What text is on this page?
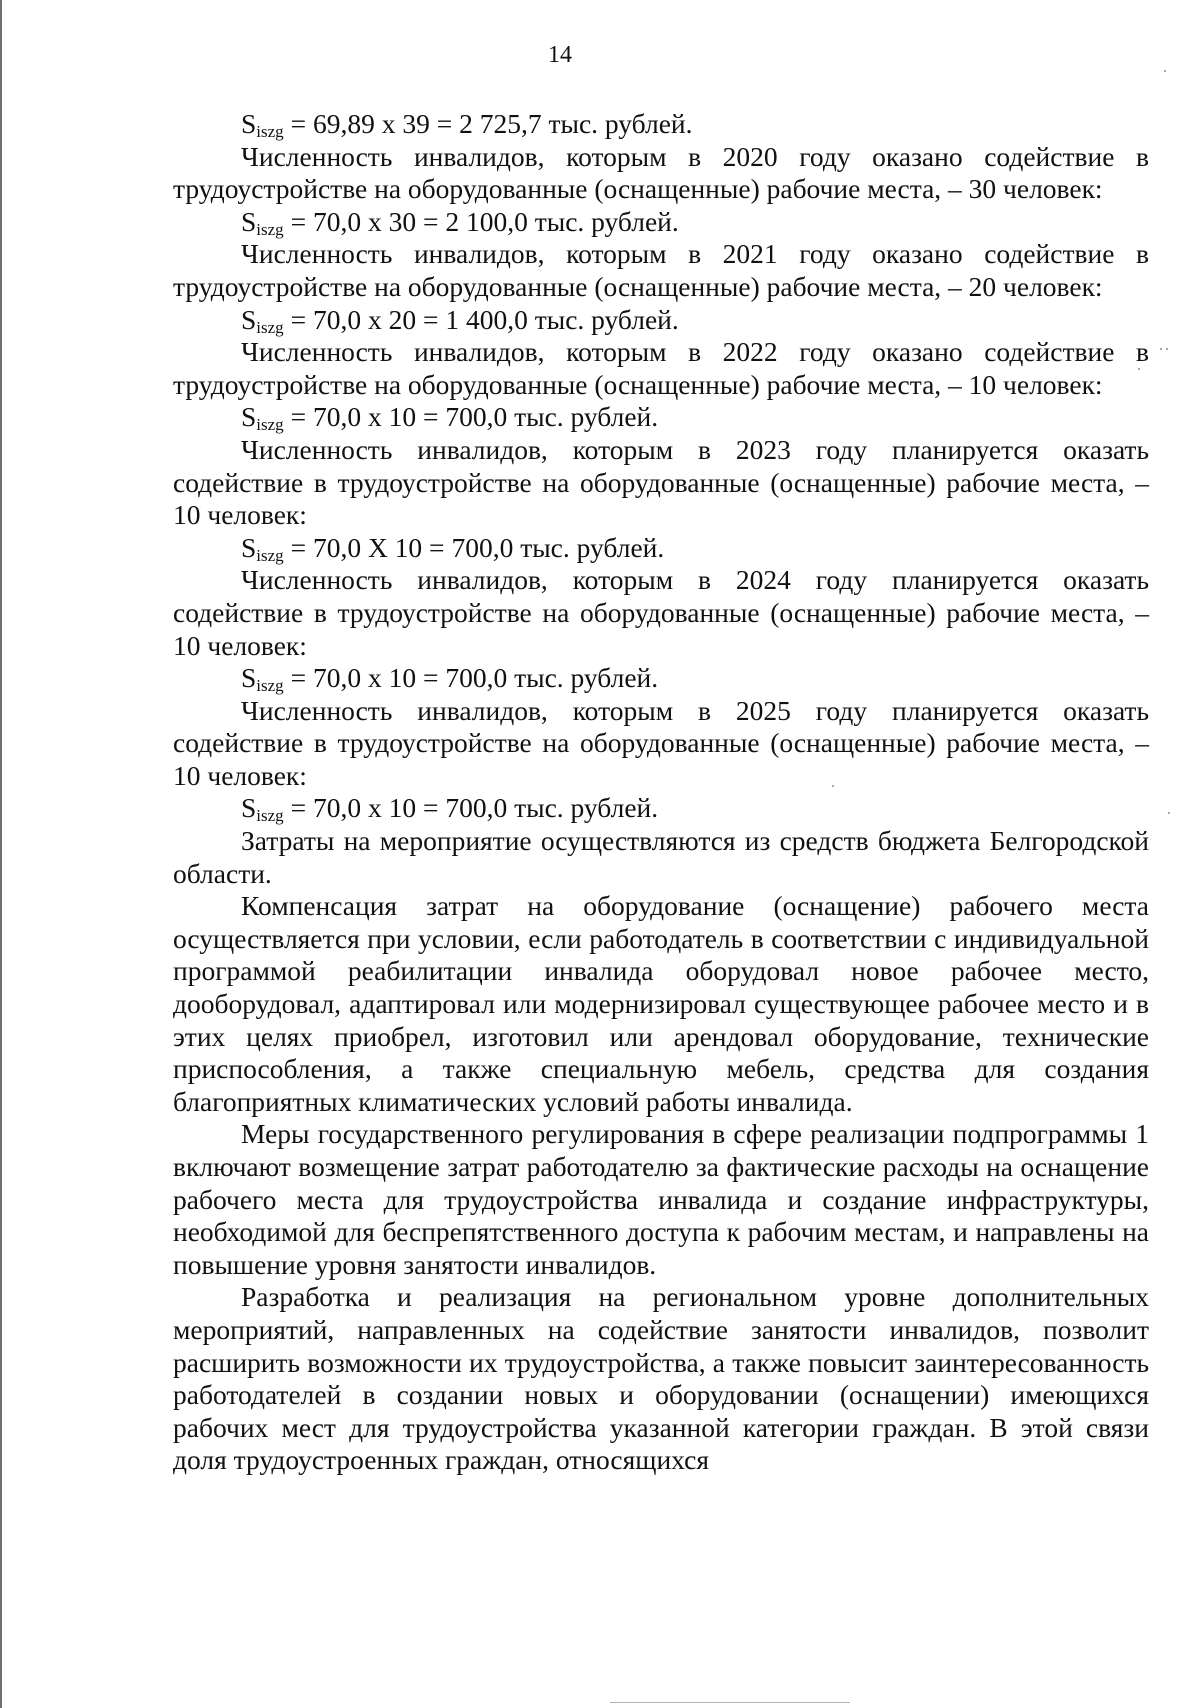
14
$S_{iszg} = 69,89$ x 39 = 2 725,7 тыс. рублей.

Численность инвалидов, которым в 2020 году оказано содействие в трудоустройстве на оборудованные (оснащенные) рабочие места, – 30 человек:

$S_{iszg} = 70,0$ x 30 = 2 100,0 тыс. рублей.

Численность инвалидов, которым в 2021 году оказано содействие в трудоустройстве на оборудованные (оснащенные) рабочие места, – 20 человек:

$S_{iszg} = 70,0$ x 20 = 1 400,0 тыс. рублей.

Численность инвалидов, которым в 2022 году оказано содействие в трудоустройстве на оборудованные (оснащенные) рабочие места, – 10 человек:

$S_{iszg} = 70,0$ x 10 = 700,0 тыс. рублей.

Численность инвалидов, которым в 2023 году планируется оказать содействие в трудоустройстве на оборудованные (оснащенные) рабочие места, – 10 человек:

$S_{iszg} = 70,0$ Х 10 = 700,0 тыс. рублей.

Численность инвалидов, которым в 2024 году планируется оказать содействие в трудоустройстве на оборудованные (оснащенные) рабочие места, – 10 человек:

$S_{iszg} = 70,0$ x 10 = 700,0 тыс. рублей.

Численность инвалидов, которым в 2025 году планируется оказать содействие в трудоустройстве на оборудованные (оснащенные) рабочие места, – 10 человек:

$S_{iszg} = 70,0$ x 10 = 700,0 тыс. рублей.

Затраты на мероприятие осуществляются из средств бюджета Белгородской области.

Компенсация затрат на оборудование (оснащение) рабочего места осуществляется при условии, если работодатель в соответствии с индивидуальной программой реабилитации инвалида оборудовал новое рабочее место, дооборудовал, адаптировал или модернизировал существующее рабочее место и в этих целях приобрел, изготовил или арендовал оборудование, технические приспособления, а также специальную мебель, средства для создания благоприятных климатических условий работы инвалида.

Меры государственного регулирования в сфере реализации подпрограммы 1 включают возмещение затрат работодателю за фактические расходы на оснащение рабочего места для трудоустройства инвалида и создание инфраструктуры, необходимой для беспрепятственного доступа к рабочим местам, и направлены на повышение уровня занятости инвалидов.

Разработка и реализация на региональном уровне дополнительных мероприятий, направленных на содействие занятости инвалидов, позволит расширить возможности их трудоустройства, а также повысит заинтересованность работодателей в создании новых и оборудовании (оснащении) имеющихся рабочих мест для трудоустройства указанной категории граждан. В этой связи доля трудоустроенных граждан, относящихся
